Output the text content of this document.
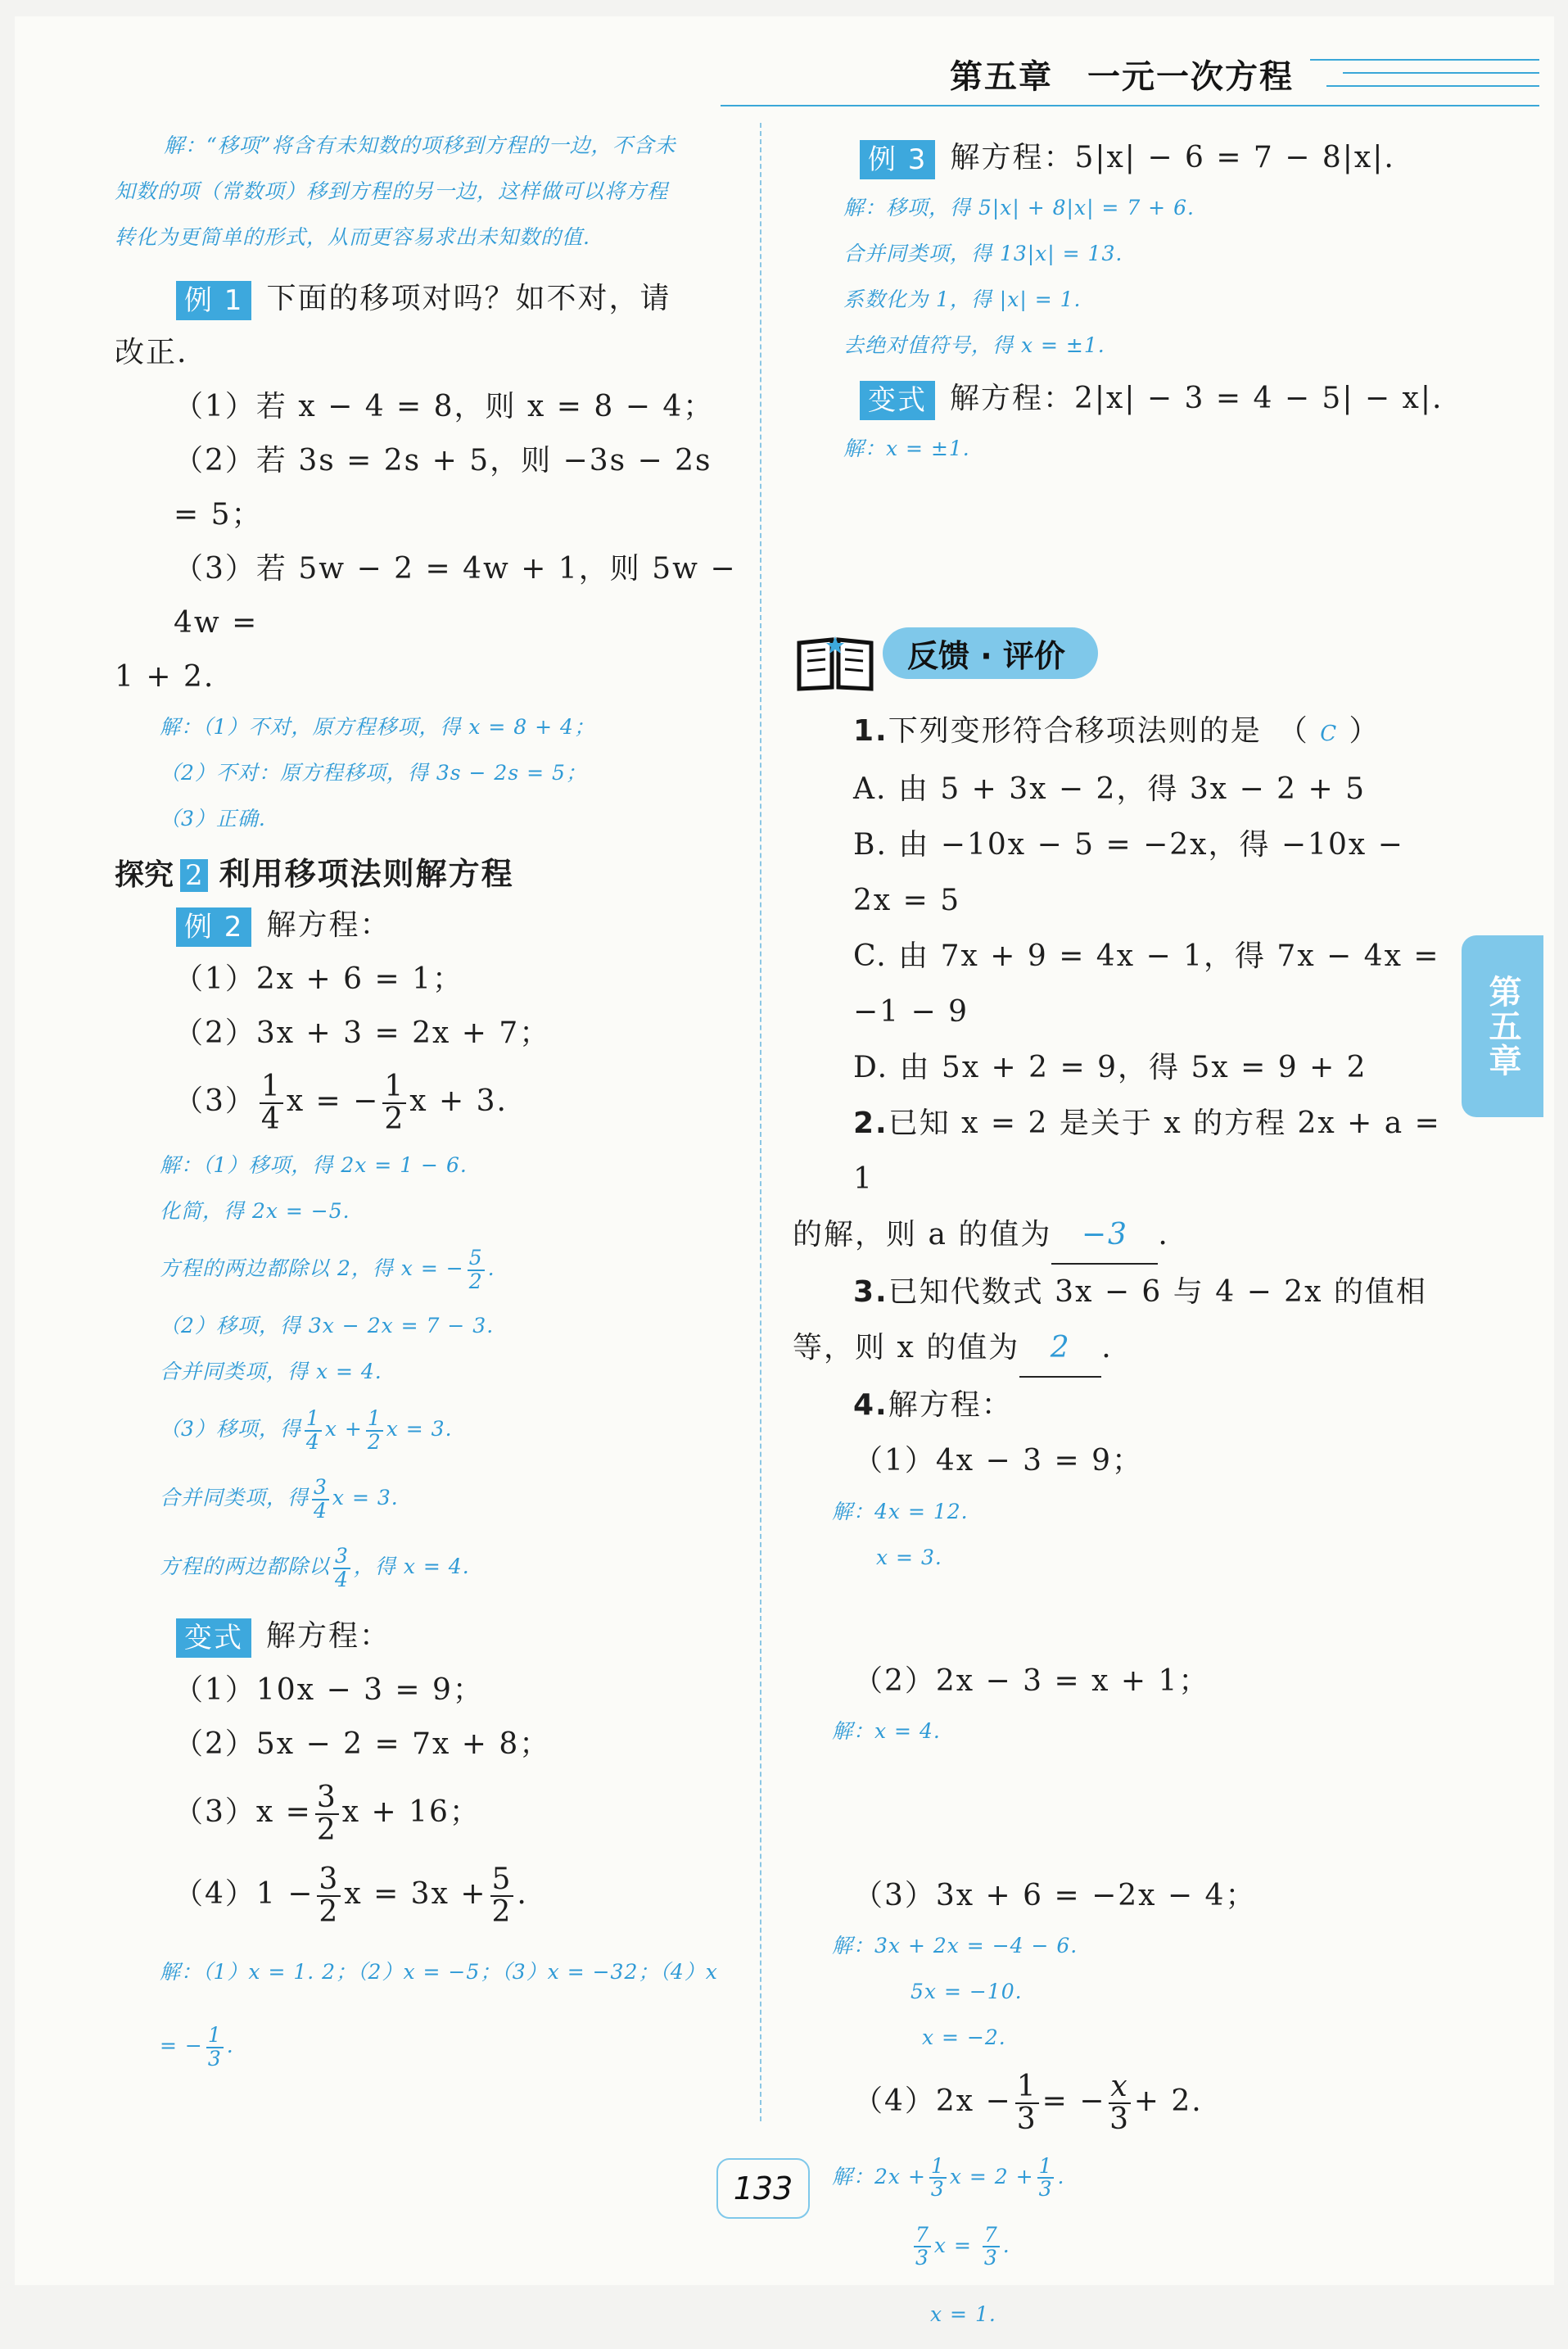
第五章　一元一次方程
第五章
解：“移项”将含有未知数的项移到方程的一边，不含未
知数的项（常数项）移到方程的另一边，这样做可以将方程
转化为更简单的形式，从而更容易求出未知数的值.
例 1 下面的移项对吗？如不对，请
改正.
（1）若 x − 4 = 8，则 x = 8 − 4；
（2）若 3s = 2s + 5，则 −3s − 2s = 5；
（3）若 5w − 2 = 4w + 1，则 5w − 4w =
1 + 2.
解：（1）不对，原方程移项，得 x = 8 + 4；
（2）不对：原方程移项，得 3s − 2s = 5；
（3）正确.
探究 2 利用移项法则解方程
例 2 解方程：
（1）2x + 6 = 1；
（2）3x + 3 = 2x + 7；
$(3) \frac{1}{4}$ x = − $\frac{1}{2}$ x + 3.
解：（1）移项，得 2x = 1 − 6.
化简，得 2x = −5.
方程的两边都除以 2，得 x = − $\frac{5}{2}$ .
（2）移项，得 3x − 2x = 7 − 3.
合并同类项，得 x = 4.
（3）移项，得 $\frac{1}{4}$ $x + \frac{1}{2}$ x = 3.
合并同类项，得 $\frac{3}{4}$ x = 3.
方程的两边都除以 $\frac{3}{4}$ ，得 x = 4.
变式 解方程：
（1）10x − 3 = 9；
（2）5x − 2 = 7x + 8；
$(3)x = \frac{3}{2}$ x + 16；
$(4)1 - \frac{3}{2}$ $x = 3x + \frac{5}{2}$ .
解：（1）x = 1. 2；（2）x = −5；（3）x = −32；（4）x = − $\frac{1}{3}$ .
例 3 解方程：5|x| − 6 = 7 − 8|x|.
解：移项，得 5|x| + 8|x| = 7 + 6.
合并同类项，得 13|x| = 13.
系数化为 1，得 |x| = 1.
去绝对值符号，得 x = ±1.
变式 解方程：2|x| − 3 = 4 − 5| − x|.
解：x = ±1.
反馈 · 评价
1.下列变形符合移项法则的是　（ C ）
A. 由 5 + 3x − 2，得 3x − 2 + 5
B. 由 −10x − 5 = −2x，得 −10x − 2x = 5
C. 由 7x + 9 = 4x − 1，得 7x − 4x = −1 − 9
D. 由 5x + 2 = 9，得 5x = 9 + 2
2.已知 x = 2 是关于 x 的方程 2x + a = 1
的解，则 a 的值为 −3 .
3.已知代数式 3x − 6 与 4 − 2x 的值相
等，则 x 的值为 2 .
4.解方程：
（1）4x − 3 = 9；
解：4x = 12.
x = 3.
（2）2x − 3 = x + 1；
解：x = 4.
（3）3x + 6 = −2x − 4；
解：3x + 2x = −4 − 6.
5x = −10.
x = −2.
$(4)2x - \frac{1}{3}$ = − $\frac{x}{3} + 2$.
解：$2x + \frac{1}{3}$ $x = 2 + \frac{1}{3}$ .
$\frac{7}{3}$ $x = \frac{7}{3}$ .
x = 1.
133
